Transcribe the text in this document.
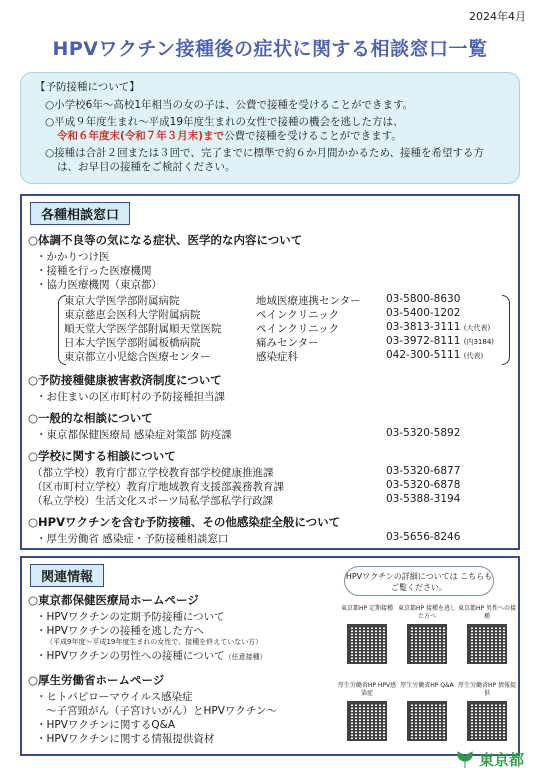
2024年4月
HPVワクチン接種後の症状に関する相談窓口一覧
【予防接種について】

○小学校6年～高校1年相当の女の子は、公費で接種を受けることができます。

○平成９年度生まれ～平成19年度生まれの女性で接種の機会を逃した方は、
令和６年度末(令和７年３月末)まで公費で接種を受けることができます。

○接種は合計２回または３回で、完了までに標準で約６か月間かかるため、接種を希望する方は、お早目の接種をご検討ください。

各種相談窓口
○体調不良等の気になる症状、医学的な内容について
・かかりつけ医
・接種を行った医療機関
・協力医療機関（東京都）
東京大学医学部附属病院	地域医療連携センター 03-5800-8630
東京慈恵会医科大学附属病院	ペインクリニック	03-5400-1202
順天堂大学医学部附属順天堂医院	ペインクリニック	03-3813-3111 (大代表)
日本大学医学部附属板橋病院	痛みセンター	03-3972-8111 (内3184)
東京都立小児総合医療センター	感染症科	042-300-5111 (代表)
○予防接種健康被害救済制度について
・お住まいの区市町村の予防接種担当課
○一般的な相談について
・東京都保健医療局 感染症対策部 防疫課	03-5320-5892
○学校に関する相談について
（都立学校）教育庁都立学校教育部学校健康推進課	03-5320-6877
（区市町村立学校）教育庁地域教育支援部義務教育課	03-5320-6878
（私立学校）生活文化スポーツ局私学部私学行政課	03-5388-3194
○HPVワクチンを含む予防接種、その他感染症全般について
・厚生労働省 感染症・予防接種相談窓口	03-5656-8246
関連情報	HPVワクチンの詳細については こちらもご覧ください。
○東京都保健医療局ホームページ
・HPVワクチンの定期予防接種について
・HPVワクチンの接種を逃した方へ
（平成9年度～平成19年度生まれの女性で、接種を終えていない方）
・HPVワクチンの男性への接種について（任意接種）
○厚生労働省ホームページ
・ヒトパピローマウイルス感染症
～子宮頸がん（子宮けいがん）とHPVワクチン～
・HPVワクチンに関するQ&A
・HPVワクチンに関する情報提供資材
東京都HP 定期接種 東京都HP 接種を逃した方へ
東京都HP 男性への接種
厚生労働省HP HPV感染症
厚生労働省HP Q&A 厚生労働省HP 情報提供
東京都
